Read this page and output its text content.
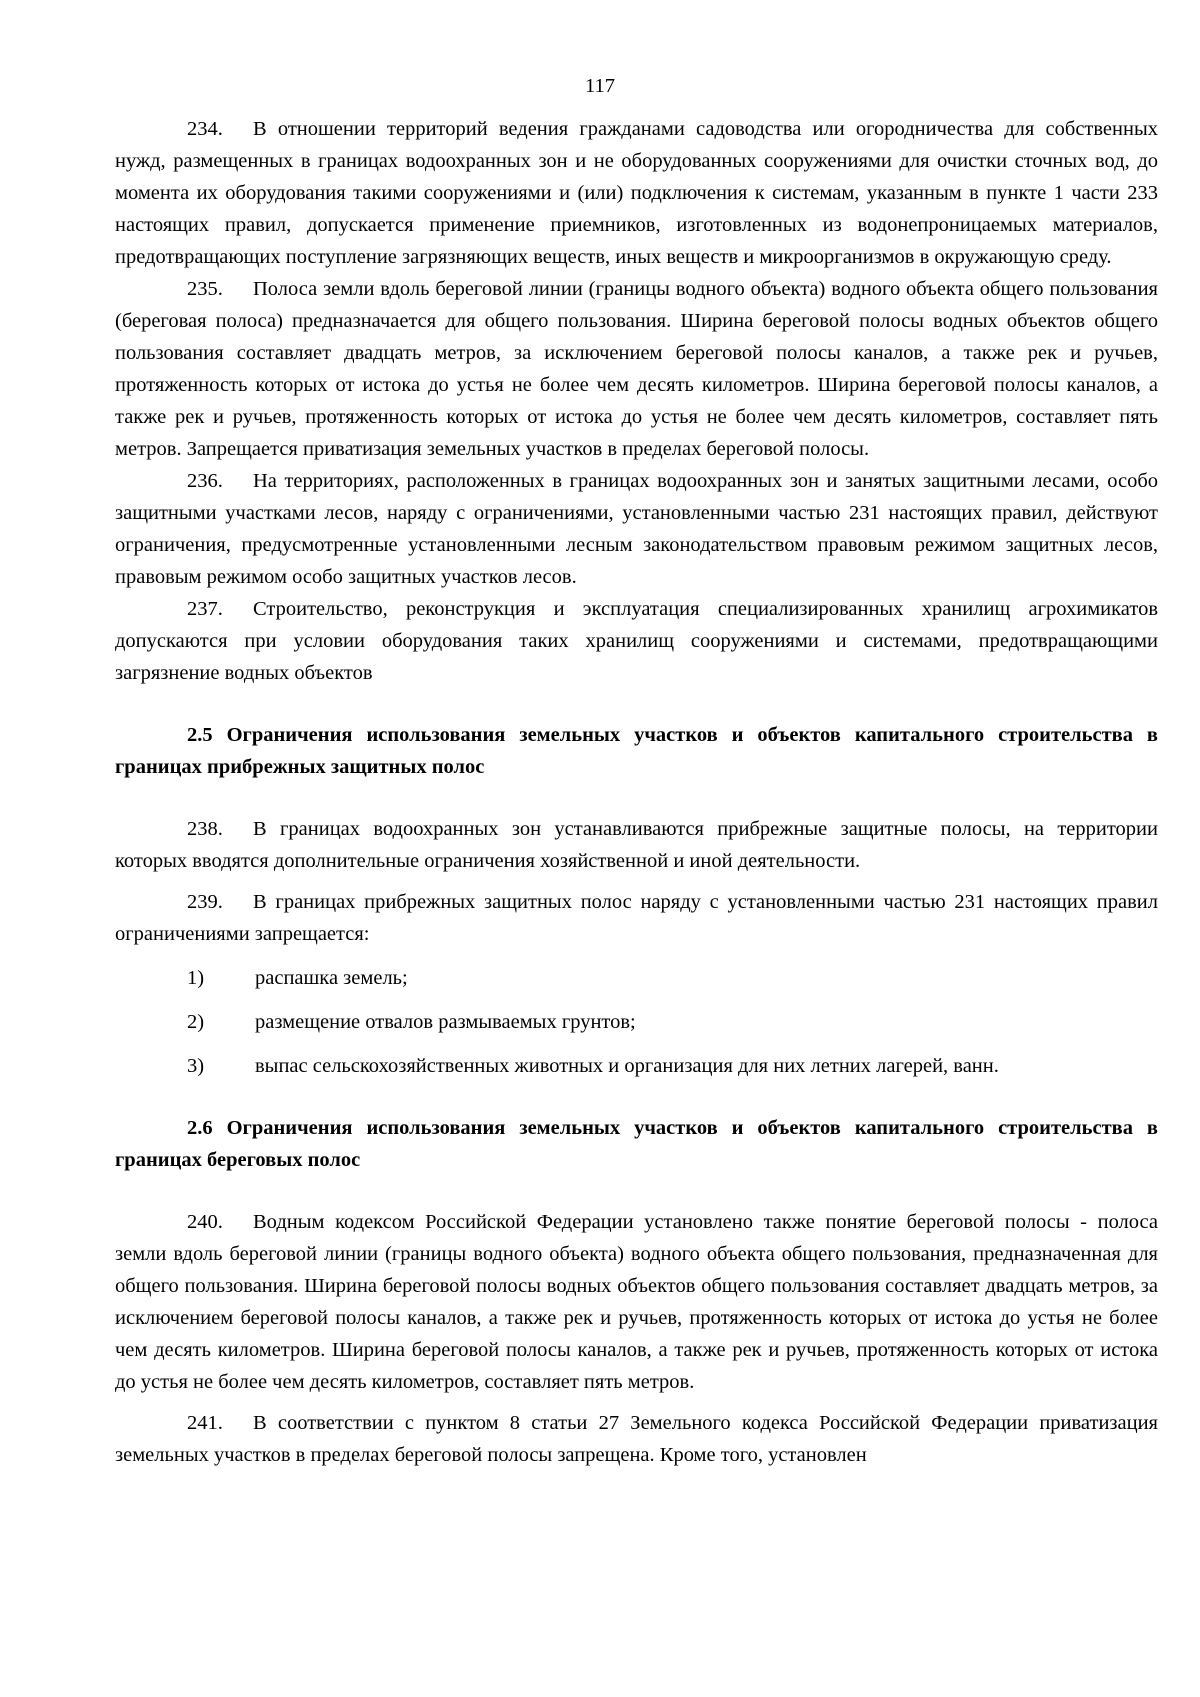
117

234. В отношении территорий ведения гражданами садоводства или огородничества для собственных нужд, размещенных в границах водоохранных зон и не оборудованных сооружениями для очистки сточных вод, до момента их оборудования такими сооружениями и (или) подключения к системам, указанным в пункте 1 части 233 настоящих правил, допускается применение приемников, изготовленных из водонепроницаемых материалов, предотвращающих поступление загрязняющих веществ, иных веществ и микроорганизмов в окружающую среду.

235. Полоса земли вдоль береговой линии (границы водного объекта) водного объекта общего пользования (береговая полоса) предназначается для общего пользования. Ширина береговой полосы водных объектов общего пользования составляет двадцать метров, за исключением береговой полосы каналов, а также рек и ручьев, протяженность которых от истока до устья не более чем десять километров. Ширина береговой полосы каналов, а также рек и ручьев, протяженность которых от истока до устья не более чем десять километров, составляет пять метров. Запрещается приватизация земельных участков в пределах береговой полосы.

236. На территориях, расположенных в границах водоохранных зон и занятых защитными лесами, особо защитными участками лесов, наряду с ограничениями, установленными частью 231 настоящих правил, действуют ограничения, предусмотренные установленными лесным законодательством правовым режимом защитных лесов, правовым режимом особо защитных участков лесов.

237. Строительство, реконструкция и эксплуатация специализированных хранилищ агрохимикатов допускаются при условии оборудования таких хранилищ сооружениями и системами, предотвращающими загрязнение водных объектов

2.5 Ограничения использования земельных участков и объектов капитального строительства в границах прибрежных защитных полос

238. В границах водоохранных зон устанавливаются прибрежные защитные полосы, на территории которых вводятся дополнительные ограничения хозяйственной и иной деятельности.

239. В границах прибрежных защитных полос наряду с установленными частью 231 настоящих правил ограничениями запрещается:

1) распашка земель;
2) размещение отвалов размываемых грунтов;
3) выпас сельскохозяйственных животных и организация для них летних лагерей, ванн.

2.6 Ограничения использования земельных участков и объектов капитального строительства в границах береговых полос

240. Водным кодексом Российской Федерации установлено также понятие береговой полосы - полоса земли вдоль береговой линии (границы водного объекта) водного объекта общего пользования, предназначенная для общего пользования. Ширина береговой полосы водных объектов общего пользования составляет двадцать метров, за исключением береговой полосы каналов, а также рек и ручьев, протяженность которых от истока до устья не более чем десять километров. Ширина береговой полосы каналов, а также рек и ручьев, протяженность которых от истока до устья не более чем десять километров, составляет пять метров.

241. В соответствии с пунктом 8 статьи 27 Земельного кодекса Российской Федерации приватизация земельных участков в пределах береговой полосы запрещена. Кроме того, установлен
